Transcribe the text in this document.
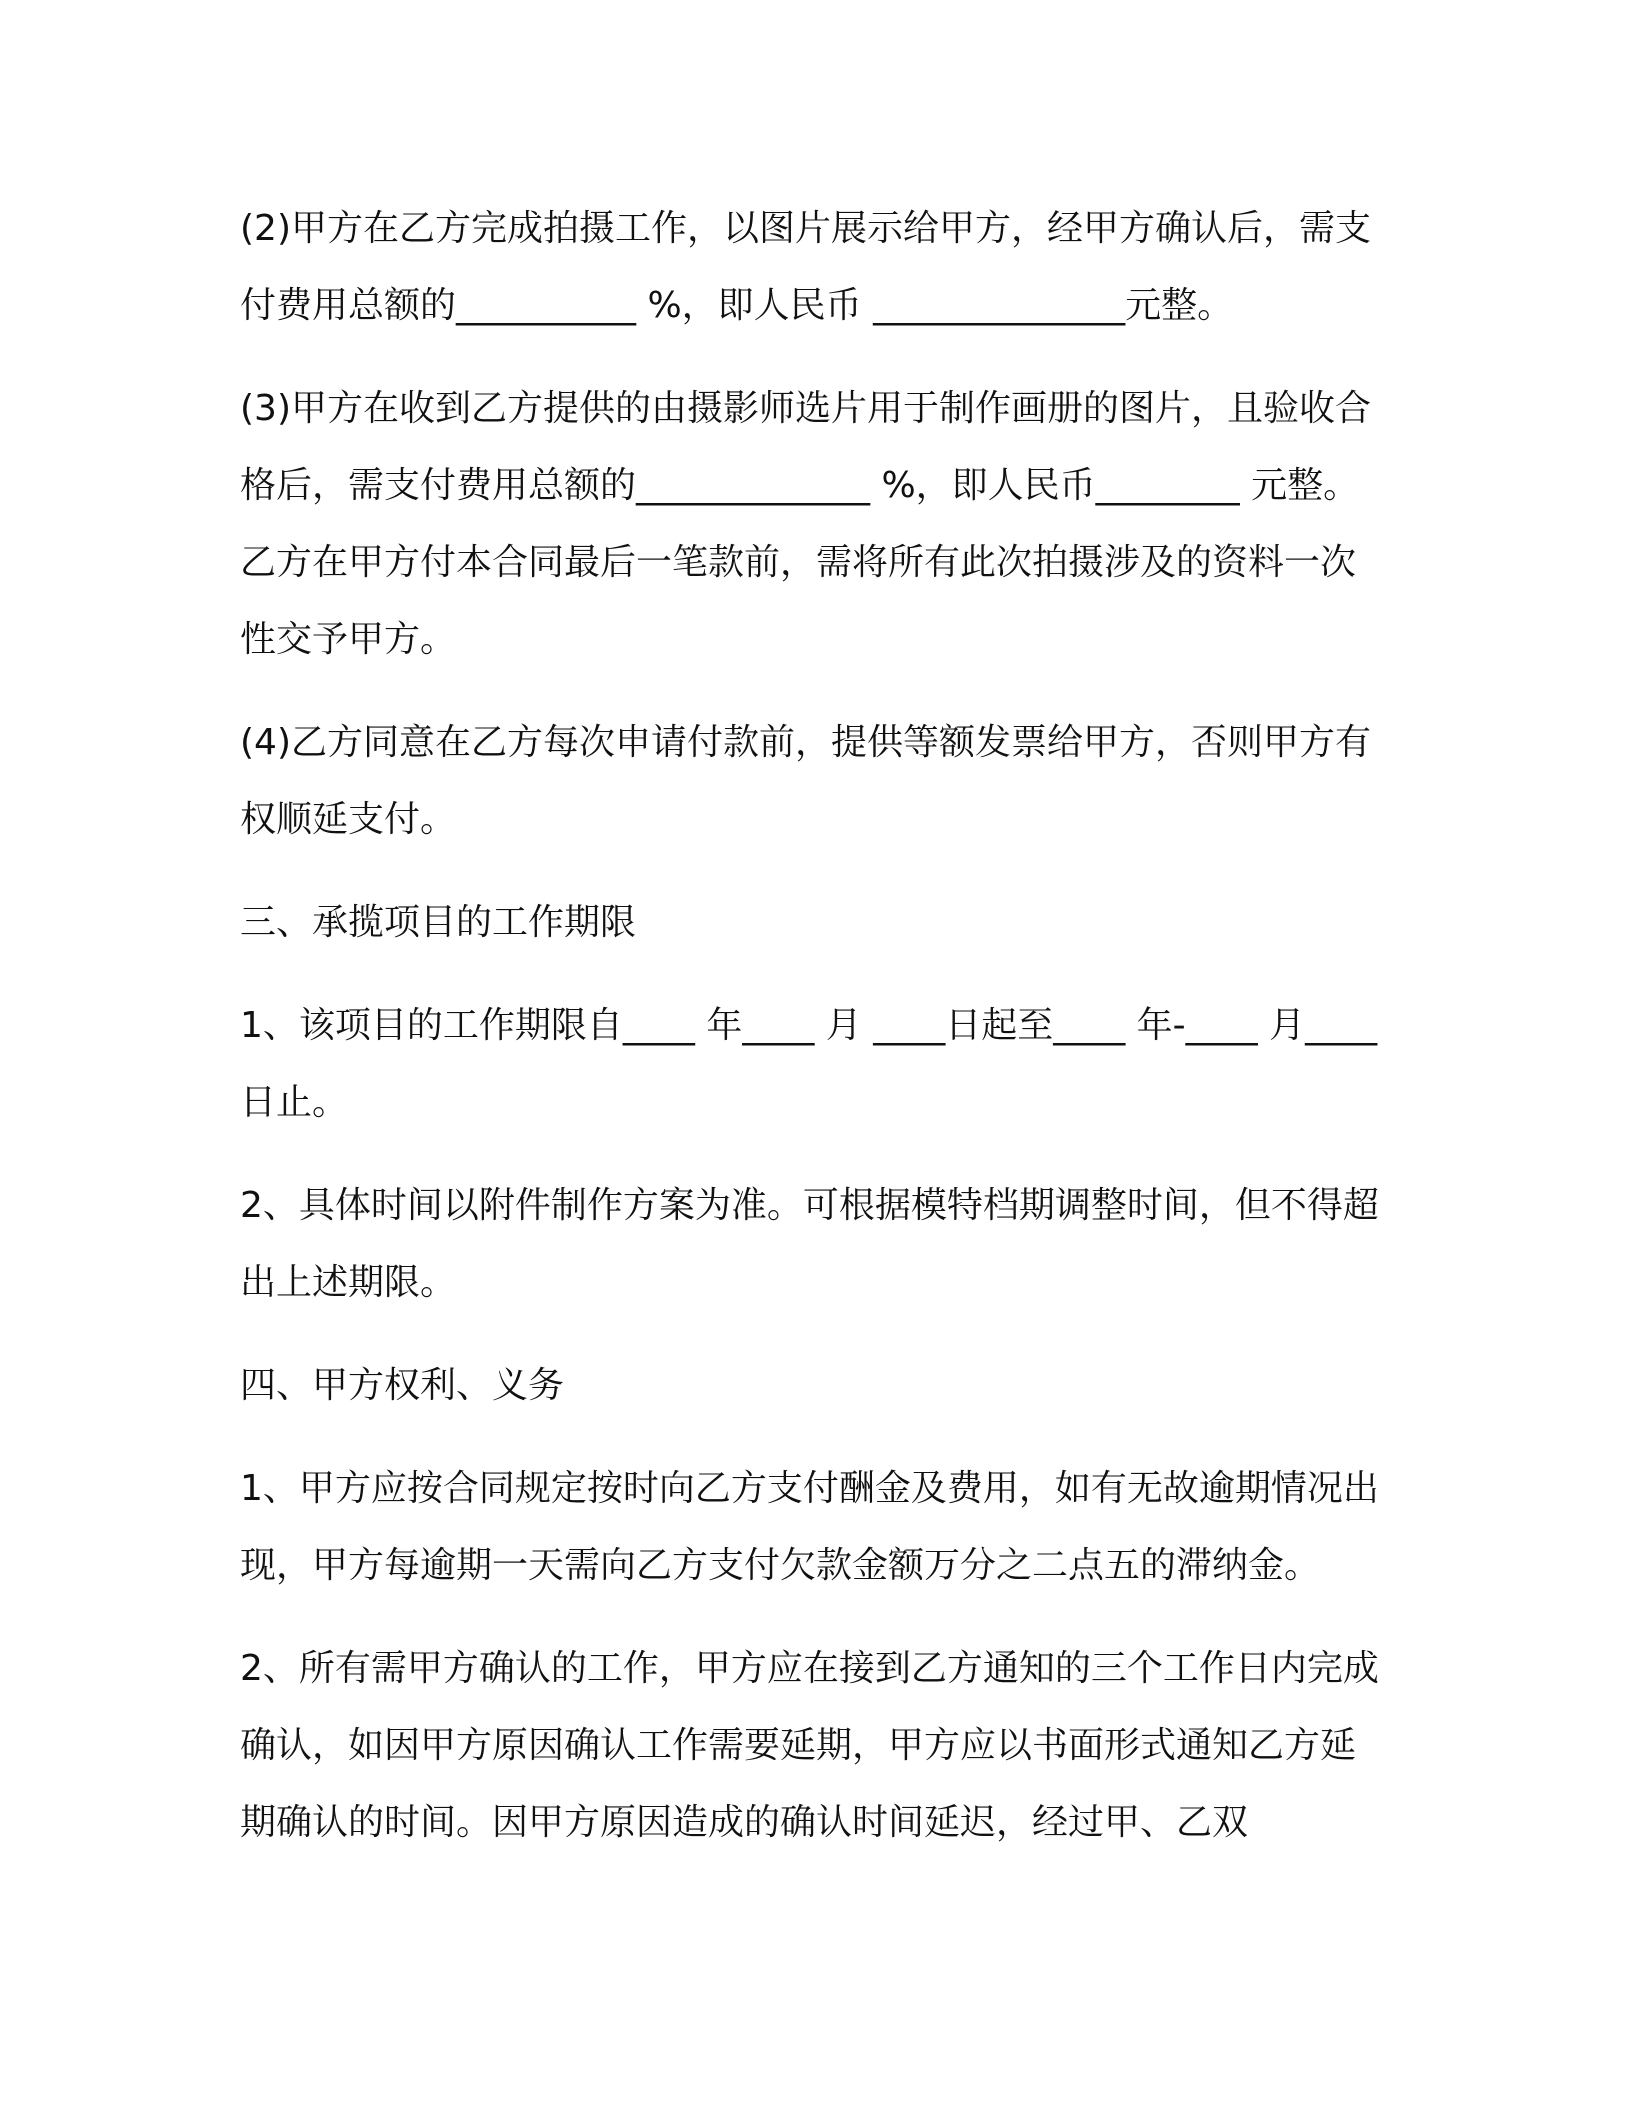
(2)甲方在乙方完成拍摄工作，以图片展示给甲方，经甲方确认后，需支付费用总额的__________ %，即人民币 ______________元整。

(3)甲方在收到乙方提供的由摄影师选片用于制作画册的图片，且验收合格后，需支付费用总额的_____________ %，即人民币________ 元整。乙方在甲方付本合同最后一笔款前，需将所有此次拍摄涉及的资料一次性交予甲方。

(4)乙方同意在乙方每次申请付款前，提供等额发票给甲方，否则甲方有权顺延支付。

三、承揽项目的工作期限

1、该项目的工作期限自____ 年____ 月 ____日起至____ 年-____ 月____日止。

2、具体时间以附件制作方案为准。可根据模特档期调整时间，但不得超出上述期限。

四、甲方权利、义务

1、甲方应按合同规定按时向乙方支付酬金及费用，如有无故逾期情况出现，甲方每逾期一天需向乙方支付欠款金额万分之二点五的滞纳金。

2、所有需甲方确认的工作，甲方应在接到乙方通知的三个工作日内完成确认，如因甲方原因确认工作需要延期，甲方应以书面形式通知乙方延期确认的时间。因甲方原因造成的确认时间延迟，经过甲、乙双
